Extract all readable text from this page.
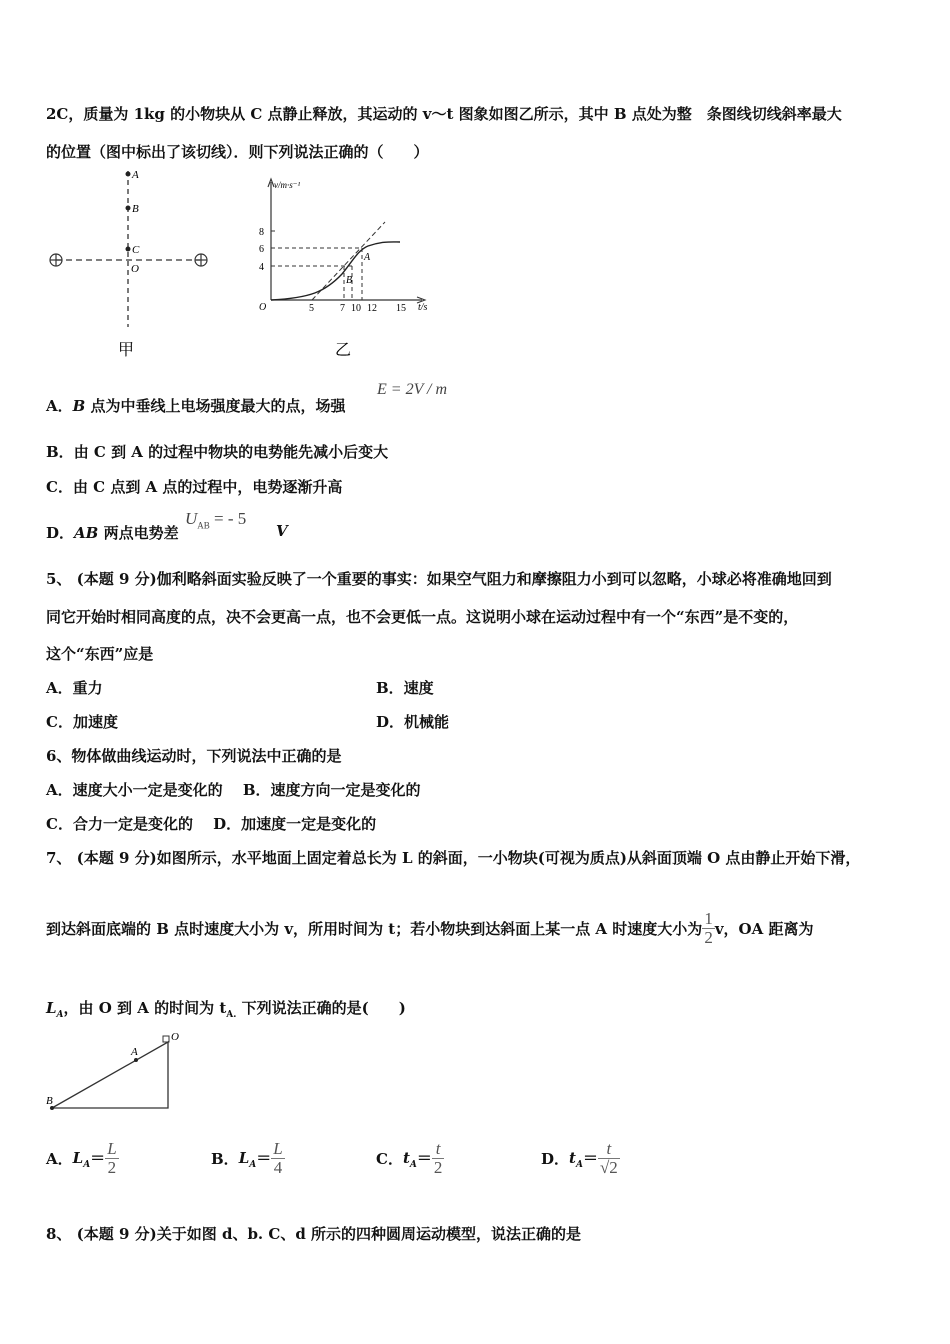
2C，质量为 1kg 的小物块从 C 点静止释放，其运动的 v～t 图象如图乙所示，其中 B 点处为整　条图线切线斜率最大
的位置（图中标出了该切线）．则下列说法正确的（　　）
A
B
C
O
甲
v/m·s⁻¹
t/s
O
8
6
4
5	7 10 12 15
A
B
乙
A．B 点为中垂线上电场强度最大的点，场强
E = 2V / m
B．由 C 到 A 的过程中物块的电势能先减小后变大
C．由 C 点到 A 点的过程中，电势逐渐升高
D．AB 两点电势差
$U_{AB}$ = - 5
V
5、 (本题 9 分)伽利略斜面实验反映了一个重要的事实：如果空气阻力和摩擦阻力小到可以忽略，小球必将准确地回到
同它开始时相同高度的点，决不会更高一点，也不会更低一点。这说明小球在运动过程中有一个“东西”是不变的，
这个“东西”应是
A．重力	B．速度
C．加速度	D．机械能
6、物体做曲线运动时，下列说法中正确的是
A．速度大小一定是变化的　 B．速度方向一定是变化的
C．合力一定是变化的　 D．加速度一定是变化的
7、 (本题 9 分)如图所示，水平地面上固定着总长为 L 的斜面，一小物块(可视为质点)从斜面顶端 O 点由静止开始下滑，
到达斜面底端的 B 点时速度大小为 v，所用时间为 t；若小物块到达斜面上某一点 A 时速度大小为 $\frac{1}{2}$ v，OA 距离为
$L_A$，由 O 到 A 的时间为 $t_{A.}$ 下列说法正确的是(　　)
O
A
B
A．$L_A= \frac{L}{2}$	B．$L_A= \frac{L}{4}$	C．$t_A= \frac{t}{2}$	D．$t_A= \frac{t}{√2}$
8、 (本题 9 分)关于如图 d、b. C、d 所示的四种圆周运动模型，说法正确的是
